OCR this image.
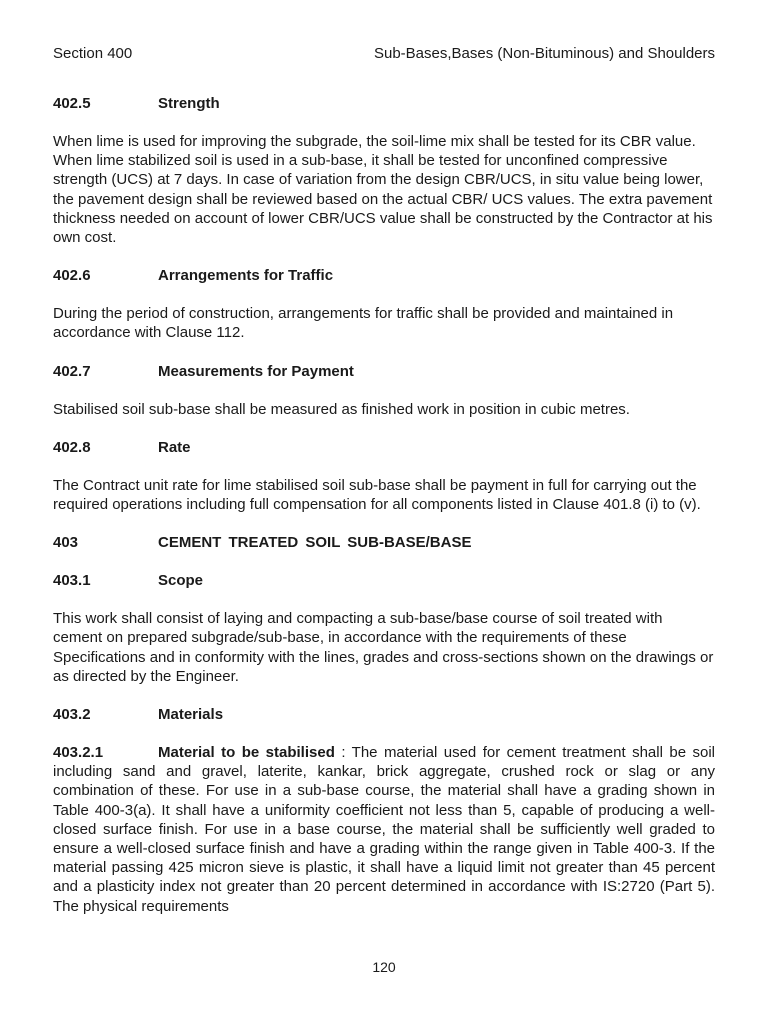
Section 400	Sub-Bases,Bases (Non-Bituminous) and Shoulders
402.5	Strength

When lime is used for improving the subgrade, the soil-lime mix shall be tested for its CBR value. When lime stabilized soil is used in a sub-base, it shall be tested for unconfined compressive strength (UCS) at 7 days. In case of variation from the design CBR/UCS, in situ value being lower, the pavement design shall be reviewed based on the actual CBR/ UCS values. The extra pavement thickness needed on account of lower CBR/UCS value shall be constructed by the Contractor at his own cost.

402.6	Arrangements for Traffic

During the period of construction, arrangements for traffic shall be provided and maintained in accordance with Clause 112.

402.7	Measurements for Payment

Stabilised soil sub-base shall be measured as finished work in position in cubic metres.

402.8	Rate

The Contract unit rate for lime stabilised soil sub-base shall be payment in full for carrying out the required operations including full compensation for all components listed in Clause 401.8 (i) to (v).

403	CEMENT TREATED SOIL SUB-BASE/BASE
403.1	Scope

This work shall consist of laying and compacting a sub-base/base course of soil treated with cement on prepared subgrade/sub-base, in accordance with the requirements of these Specifications and in conformity with the lines, grades and cross-sections shown on the drawings or as directed by the Engineer.

403.2	Materials

403.2.1	Material to be stabilised : The material used for cement treatment shall be soil including sand and gravel, laterite, kankar, brick aggregate, crushed rock or slag or any combination of these. For use in a sub-base course, the material shall have a grading shown in Table 400-3(a). It shall have a uniformity coefficient not less than 5, capable of producing a well-closed surface finish. For use in a base course, the material shall be sufficiently well graded to ensure a well-closed surface finish and have a grading within the range given in Table 400-3. If the material passing 425 micron sieve is plastic, it shall have a liquid limit not greater than 45 percent and a plasticity index not greater than 20 percent determined in accordance with IS:2720 (Part 5). The physical requirements

120
